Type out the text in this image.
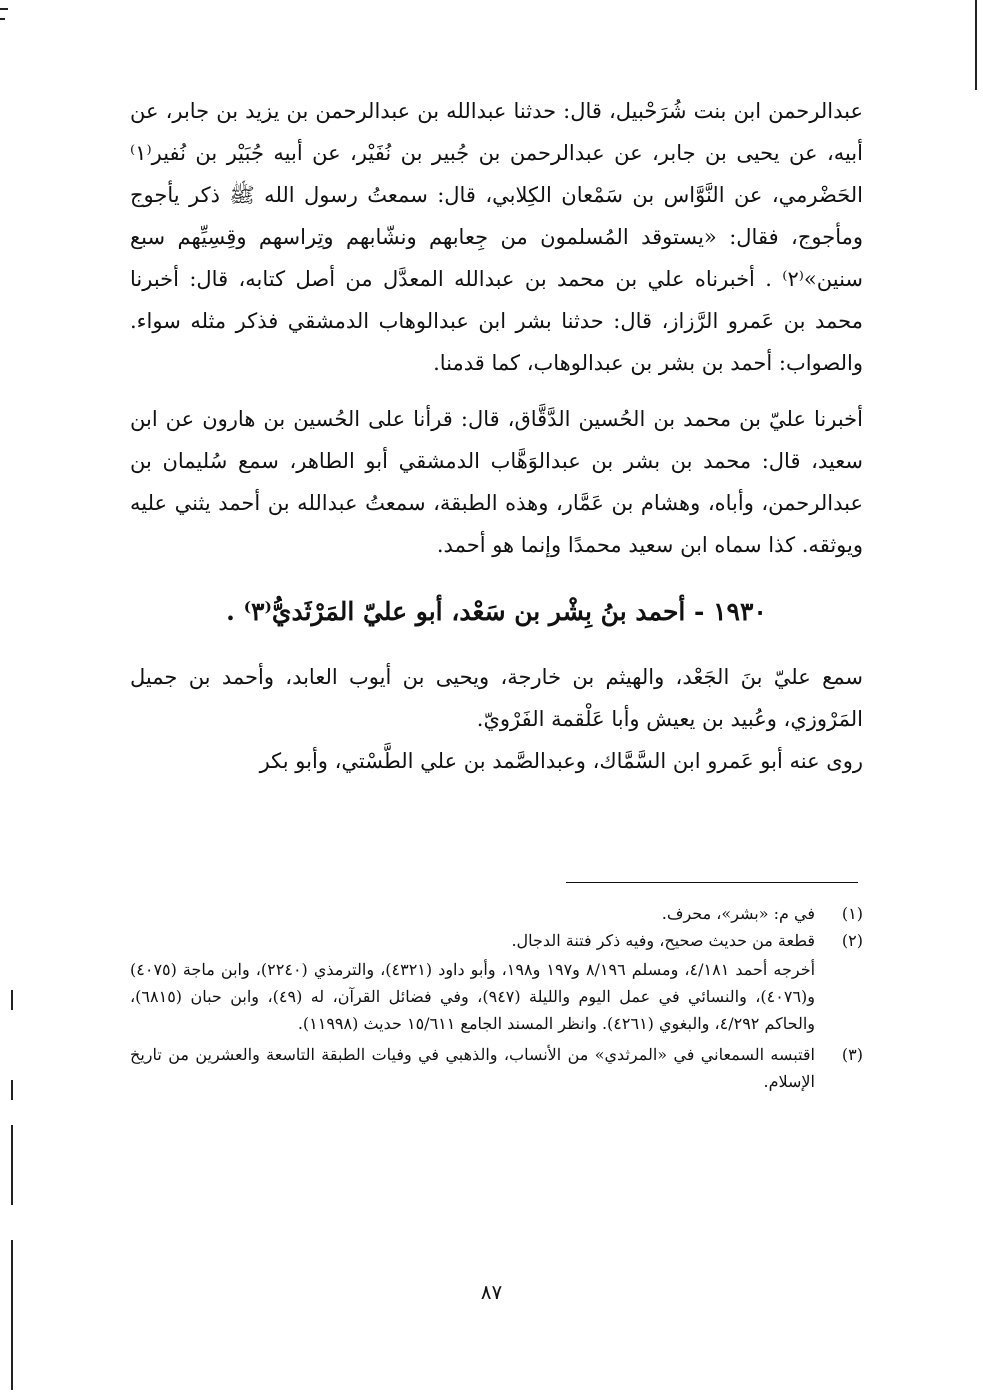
عبدالرحمن ابن بنت شُرَحْبيل، قال: حدثنا عبدالله بن عبدالرحمن بن يزيد بن جابر، عن أبيه، عن يحيى بن جابر، عن عبدالرحمن بن جُبير بن نُفَيْر، عن أبيه جُبَيْر بن نُفير⁽١⁾ الحَضْرمي، عن النَّوَّاس بن سَمْعان الكِلابي، قال: سمعتُ رسول الله ﷺ ذكر يأجوج ومأجوج، فقال: «يستوقد المُسلمون من جِعابهم ونشّابهم وتِراسهم وقِسِيِّهم سبع سنين»⁽٢⁾ . أخبرناه علي بن محمد بن عبدالله المعدَّل من أصل كتابه، قال: أخبرنا محمد بن عَمرو الرَّزاز، قال: حدثنا بشر ابن عبدالوهاب الدمشقي فذكر مثله سواء. والصواب: أحمد بن بشر بن عبدالوهاب، كما قدمنا.

أخبرنا عليّ بن محمد بن الحُسين الدَّقَّاق، قال: قرأنا على الحُسين بن هارون عن ابن سعيد، قال: محمد بن بشر بن عبدالوَهَّاب الدمشقي أبو الطاهر، سمع سُليمان بن عبدالرحمن، وأباه، وهشام بن عَمَّار، وهذه الطبقة، سمعتُ عبدالله بن أحمد يثني عليه ويوثقه. كذا سماه ابن سعيد محمدًا وإنما هو أحمد.

١٩٣٠ - أحمد بنُ بِشْر بن سَعْد، أبو عليّ المَرْثَديُّ⁽٣⁾ .

سمع عليّ بنَ الجَعْد، والهيثم بن خارجة، ويحيى بن أيوب العابد، وأحمد بن جميل المَرْوزي، وعُبيد بن يعيش وأبا عَلْقمة الفَرْويّ.

روى عنه أبو عَمرو ابن السَّمَّاك، وعبدالصَّمد بن علي الطَّسْتي، وأبو بكر

(١)
في م: «بشر»، محرف.
(٢)
قطعة من حديث صحيح، وفيه ذكر فتنة الدجال.
أخرجه أحمد ٤/١٨١، ومسلم ٨/١٩٦ و١٩٧ و١٩٨، وأبو داود (٤٣٢١)، والترمذي (٢٢٤٠)، وابن ماجة (٤٠٧٥) و(٤٠٧٦)، والنسائي في عمل اليوم والليلة (٩٤٧)، وفي فضائل القرآن، له (٤٩)، وابن حبان (٦٨١٥)، والحاكم ٤/٢٩٢، والبغوي (٤٢٦١). وانظر المسند الجامع ١٥/٦١١ حديث (١١٩٩٨).
(٣)
اقتبسه السمعاني في «المرثدي» من الأنساب، والذهبي في وفيات الطبقة التاسعة والعشرين من تاريخ الإسلام.
٨٧
